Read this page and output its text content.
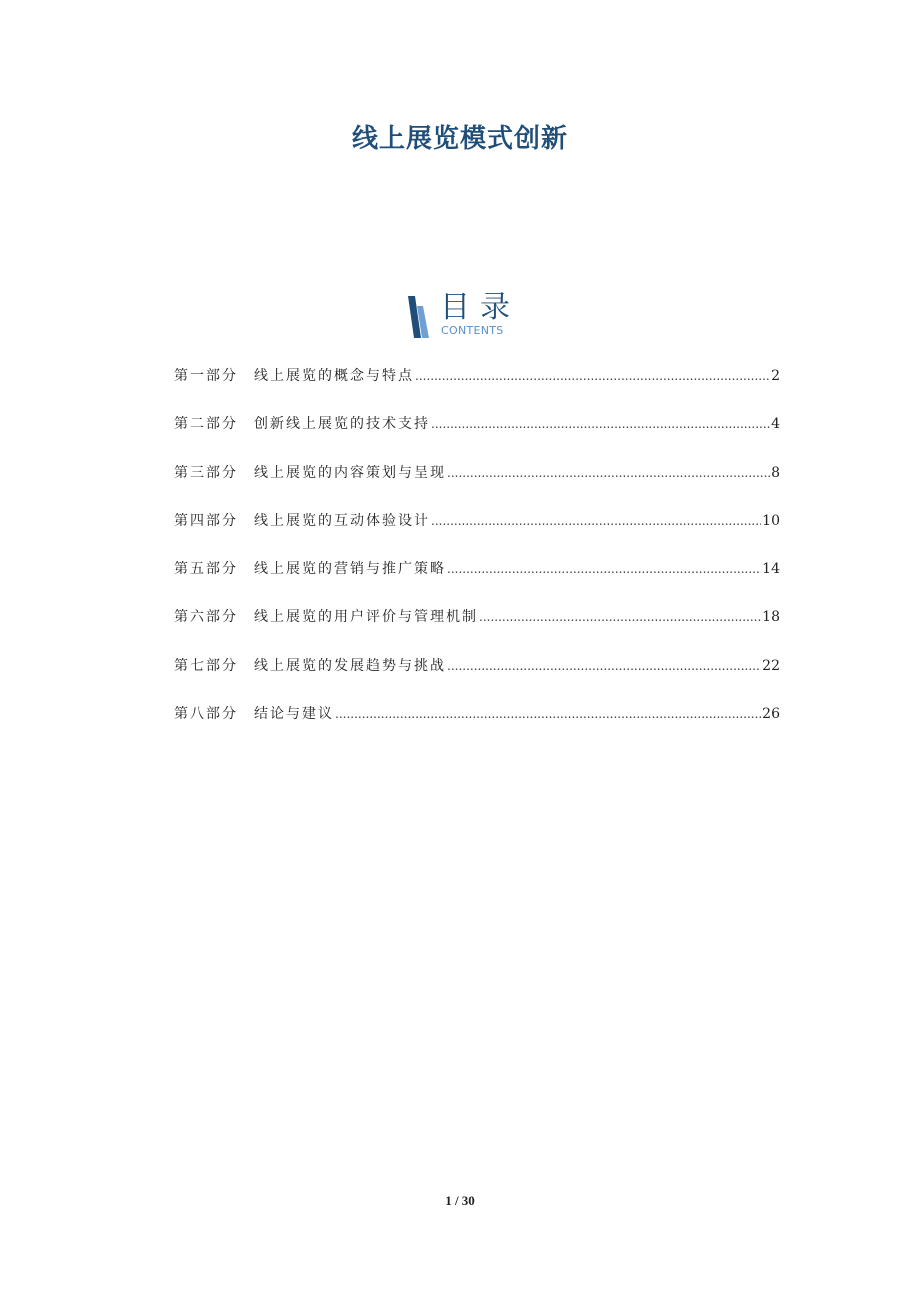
线上展览模式创新
目录
CONTENTS
第一部分	线上展览的概念与特点 .....	2
第二部分	创新线上展览的技术支持 .....	4
第三部分	线上展览的内容策划与呈现 .....	8
第四部分	线上展览的互动体验设计 .....	10
第五部分	线上展览的营销与推广策略 .....	14
第六部分	线上展览的用户评价与管理机制 .....	18
第七部分	线上展览的发展趋势与挑战 .....	22
第八部分	结论与建议 .....	26
1 / 30
